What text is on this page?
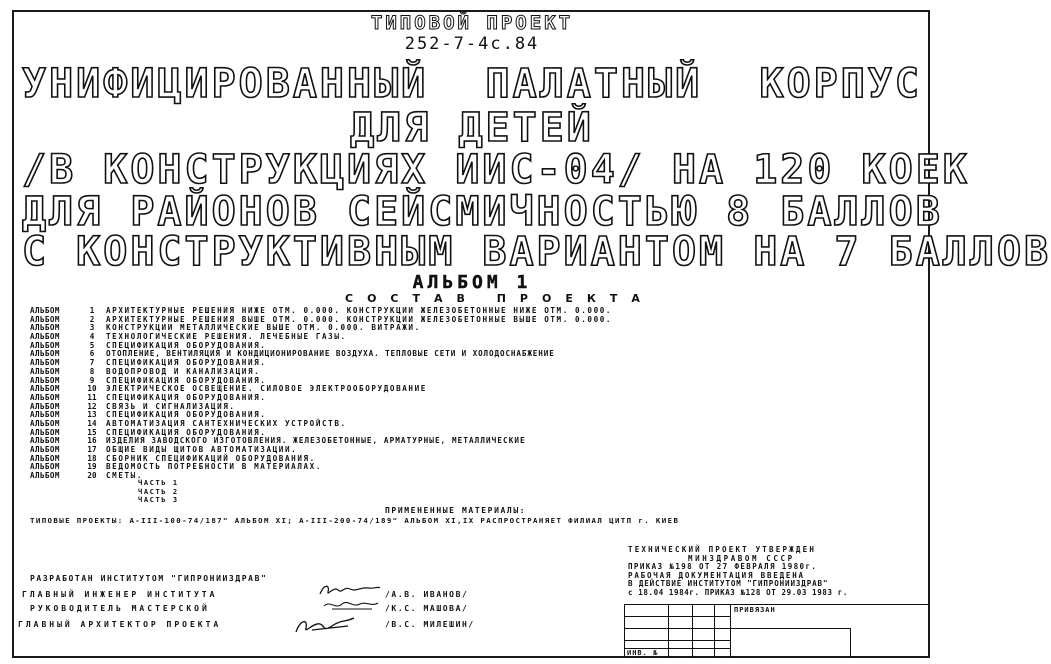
ТИПОВОЙ ПРОЕКТ
252-7-4с.84
УНИФИЦИРОВАННЫЙ ПАЛАТНЫЙ КОРПУС
ДЛЯ ДЕТЕЙ
/В КОНСТРУКЦИЯХ ИИС-04/ НА 120 КОЕК
ДЛЯ РАЙОНОВ СЕЙСМИЧНОСТЬЮ 8 БАЛЛОВ
С КОНСТРУКТИВНЫМ ВАРИАНТОМ НА 7 БАЛЛОВ
АЛЬБОМ 1
СОСТАВ ПРОЕКТА
АЛЬБОМ	1	АРХИТЕКТУРНЫЕ РЕШЕНИЯ НИЖЕ ОТМ. 0.000. КОНСТРУКЦИИ ЖЕЛЕЗОБЕТОННЫЕ НИЖЕ ОТМ. 0.000.
АЛЬБОМ	2	АРХИТЕКТУРНЫЕ РЕШЕНИЯ ВЫШЕ ОТМ. 0.000. КОНСТРУКЦИИ ЖЕЛЕЗОБЕТОННЫЕ ВЫШЕ ОТМ. 0.000.
АЛЬБОМ	3	КОНСТРУКЦИИ МЕТАЛЛИЧЕСКИЕ ВЫШЕ ОТМ. 0.000. ВИТРАЖИ.
АЛЬБОМ	4	ТЕХНОЛОГИЧЕСКИЕ РЕШЕНИЯ. ЛЕЧЕБНЫЕ ГАЗЫ.
АЛЬБОМ	5	СПЕЦИФИКАЦИЯ ОБОРУДОВАНИЯ.
АЛЬБОМ	6	ОТОПЛЕНИЕ, ВЕНТИЛЯЦИЯ И КОНДИЦИОНИРОВАНИЕ ВОЗДУХА. ТЕПЛОВЫЕ СЕТИ И ХОЛОДОСНАБЖЕНИЕ
АЛЬБОМ	7	СПЕЦИФИКАЦИЯ ОБОРУДОВАНИЯ.
АЛЬБОМ	8	ВОДОПРОВОД И КАНАЛИЗАЦИЯ.
АЛЬБОМ	9	СПЕЦИФИКАЦИЯ ОБОРУДОВАНИЯ.
АЛЬБОМ	10	ЭЛЕКТРИЧЕСКОЕ ОСВЕЩЕНИЕ. СИЛОВОЕ ЭЛЕКТРООБОРУДОВАНИЕ
АЛЬБОМ	11	СПЕЦИФИКАЦИЯ ОБОРУДОВАНИЯ.
АЛЬБОМ	12	СВЯЗЬ И СИГНАЛИЗАЦИЯ.
АЛЬБОМ	13	СПЕЦИФИКАЦИЯ ОБОРУДОВАНИЯ.
АЛЬБОМ	14	АВТОМАТИЗАЦИЯ САНТЕХНИЧЕСКИХ УСТРОЙСТВ.
АЛЬБОМ	15	СПЕЦИФИКАЦИЯ ОБОРУДОВАНИЯ.
АЛЬБОМ	16	ИЗДЕЛИЯ ЗАВОДСКОГО ИЗГОТОВЛЕНИЯ. ЖЕЛЕЗОБЕТОННЫЕ, АРМАТУРНЫЕ, МЕТАЛЛИЧЕСКИЕ
АЛЬБОМ	17	ОБЩИЕ ВИДЫ ЩИТОВ АВТОМАТИЗАЦИИ.
АЛЬБОМ	18	СБОРНИК СПЕЦИФИКАЦИЙ ОБОРУДОВАНИЯ.
АЛЬБОМ	19	ВЕДОМОСТЬ ПОТРЕБНОСТИ В МАТЕРИАЛАХ.
АЛЬБОМ	20	СМЕТЫ.
ЧАСТЬ 1
ЧАСТЬ 2
ЧАСТЬ 3
ПРИМЕНЕННЫЕ МАТЕРИАЛЫ:
ТИПОВЫЕ ПРОЕКТЫ: А-III-100-74/187" АЛЬБОМ XI; А-III-200-74/189" АЛЬБОМ XI,IX РАСПРОСТРАНЯЕТ ФИЛИАЛ ЦИТП г. КИЕВ
РАЗРАБОТАН ИНСТИТУТОМ "ГИПРОНИИЗДРАВ"
ГЛАВНЫЙ ИНЖЕНЕР ИНСТИТУТА	/А.В. ИВАНОВ/
РУКОВОДИТЕЛЬ МАСТЕРСКОЙ	/К.С. МАШОВА/
ГЛАВНЫЙ АРХИТЕКТОР ПРОЕКТА	/В.С. МИЛЕШИН/
ТЕХНИЧЕСКИЙ ПРОЕКТ УТВЕРЖДЕН
МИНЗДРАВОМ СССР
ПРИКАЗ №198 ОТ 27 ФЕВРАЛЯ 1980г.
РАБОЧАЯ ДОКУМЕНТАЦИЯ ВВЕДЕНА
В ДЕЙСТВИЕ ИНСТИТУТОМ "ГИПРОНИИЗДРАВ"
с 18.04 1984г. ПРИКАЗ №128 ОТ 29.03 1983 г.
ПРИВЯЗАН
ИНВ. №
